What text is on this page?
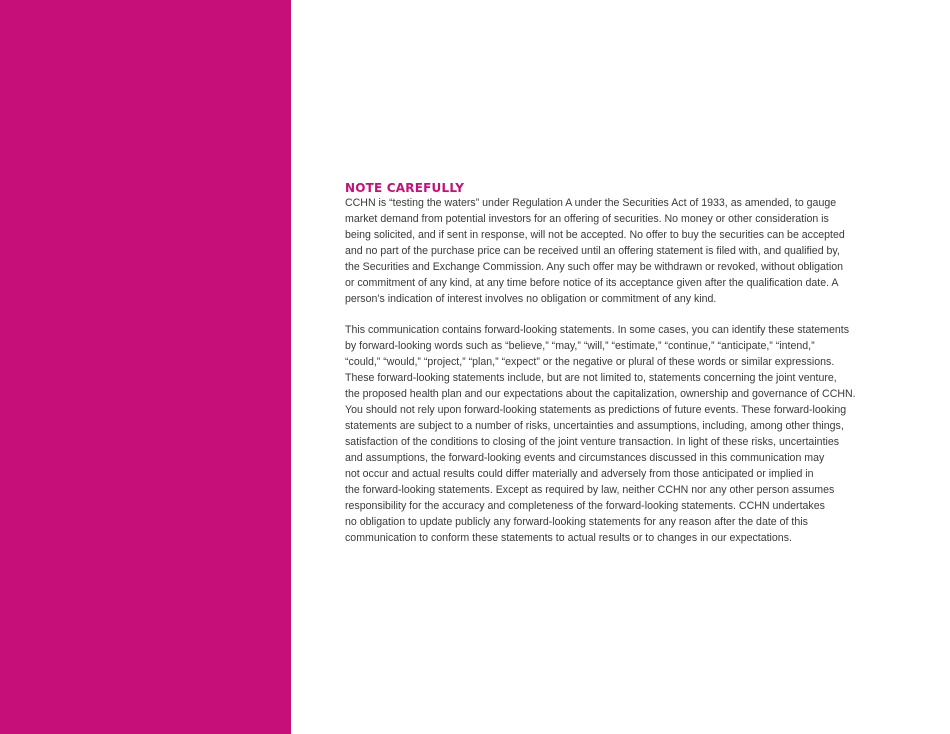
NOTE CAREFULLY

CCHN is “testing the waters” under Regulation A under the Securities Act of 1933, as amended, to gauge
market demand from potential investors for an offering of securities. No money or other consideration is
being solicited, and if sent in response, will not be accepted. No offer to buy the securities can be accepted
and no part of the purchase price can be received until an offering statement is filed with, and qualified by,
the Securities and Exchange Commission. Any such offer may be withdrawn or revoked, without obligation
or commitment of any kind, at any time before notice of its acceptance given after the qualification date. A
person’s indication of interest involves no obligation or commitment of any kind.

This communication contains forward-looking statements. In some cases, you can identify these statements
by forward-looking words such as “believe,” “may,” “will,” “estimate,” “continue,” “anticipate,” “intend,”
“could,” “would,” “project,” “plan,” “expect” or the negative or plural of these words or similar expressions.
These forward-looking statements include, but are not limited to, statements concerning the joint venture,
the proposed health plan and our expectations about the capitalization, ownership and governance of CCHN.
You should not rely upon forward-looking statements as predictions of future events. These forward-looking
statements are subject to a number of risks, uncertainties and assumptions, including, among other things,
satisfaction of the conditions to closing of the joint venture transaction. In light of these risks, uncertainties
and assumptions, the forward-looking events and circumstances discussed in this communication may
not occur and actual results could differ materially and adversely from those anticipated or implied in
the forward-looking statements. Except as required by law, neither CCHN nor any other person assumes
responsibility for the accuracy and completeness of the forward-looking statements. CCHN undertakes
no obligation to update publicly any forward-looking statements for any reason after the date of this
communication to conform these statements to actual results or to changes in our expectations.
